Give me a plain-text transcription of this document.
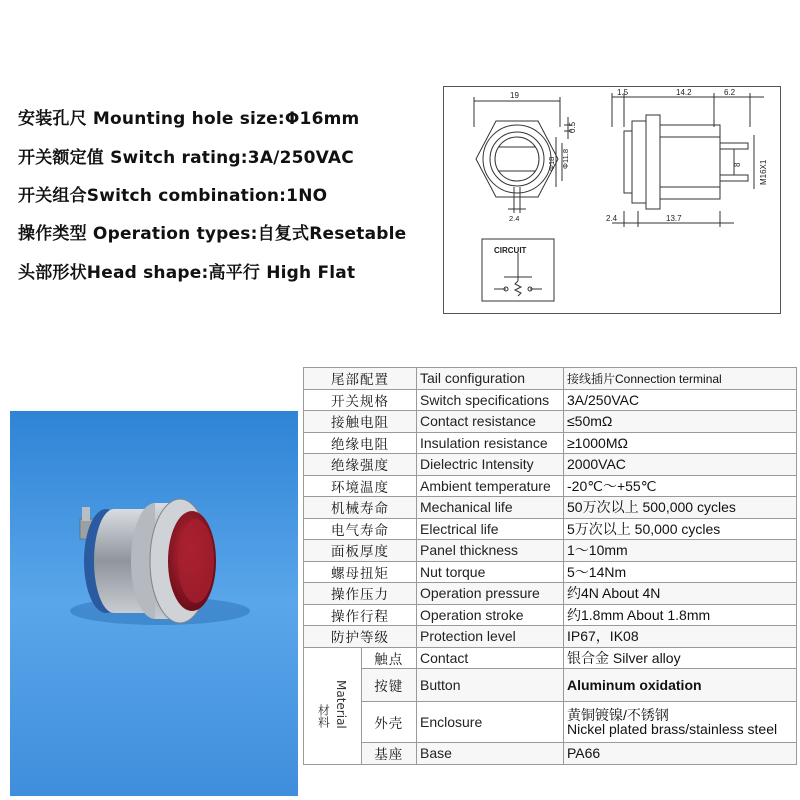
安装孔尺 Mounting hole size:Φ16mm
开关额定值 Switch rating:3A/250VAC
开关组合Switch combination:1NO
操作类型 Operation types:自复式Resetable
头部形状Head shape:高平行 High Flat
19
0.5
Φ18 Φ11.8
2.4
1.5	14.2	6.2
8 M16X1
2.4	13.7
CIRCUIT
尾部配置		Tail configuration	接线插片Connection terminal
开关规格		Switch specifications	3A/250VAC
接触电阻		Contact resistance	≤50mΩ
绝缘电阻		Insulation resistance	≥1000MΩ
绝缘强度		Dielectric Intensity	2000VAC
环境温度		Ambient temperature	-20℃～+55℃
机械寿命		Mechanical life	50万次以上 500,000 cycles
电气寿命		Electrical life	5万次以上 50,000 cycles
面板厚度		Panel thickness	1～10mm
螺母扭矩		Nut torque	5～14Nm
操作压力		Operation pressure	约4N About 4N
操作行程		Operation stroke	约1.8mm About 1.8mm
防护等级		Protection level	IP67，IK08
材料 Material	触点	Contact	银合金 Silver alloy
	按键	Button	Aluminum oxidation
	外壳	Enclosure	黄铜镀镍/不锈钢
Nickel plated brass/stainless steel

	基座	Base	PA66
